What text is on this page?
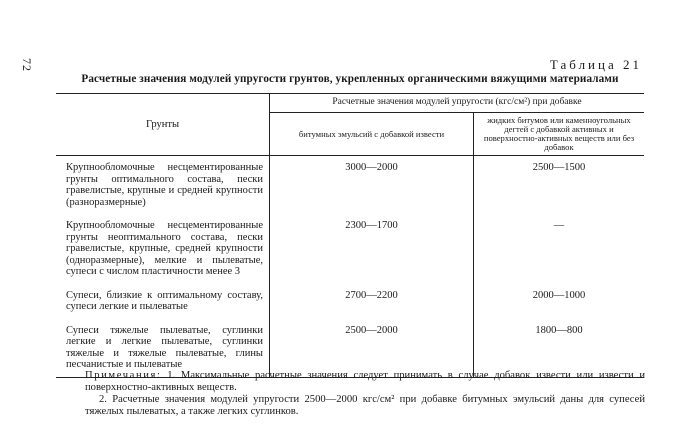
72	Таблица 21
Расчетные значения модулей упругости грунтов, укрепленных органическими вяжущими материалами
Грунты	Расчетные значения модулей упругости (кгс/см²) при добавке	
	битумных эмульсий с добавкой извести	жидких битумов или каменноугольных дегтей с добавкой активных и поверхностно-активных веществ или без добавок

Крупнообломочные несцементированные грунты оптимального состава, пески гравелистые, крупные и средней крупности (разноразмерные)	3000—2000	2500—1500

Крупнообломочные несцементированные грунты неоптимального состава, пески гравелистые, крупные, средней крупности (одноразмерные), мелкие и пылеватые, супеси с числом пластичности менее 3	2300—1700	—

Супеси, близкие к оптимальному составу, супеси легкие и пылеватые	2700—2200	2000—1000

Супеси тяжелые пылеватые, суглинки легкие и легкие пылеватые, суглинки тяжелые и тяжелые пылеватые, глины песчанистые и пылеватые	2500—2000	1800—800

Примечания: 1. Максимальные расчетные значения следует принимать в случае добавок извести или извести и поверхностно-активных веществ.

2. Расчетные значения модулей упругости 2500—2000 кгс/см² при добавке битумных эмульсий даны для супесей тяжелых пылеватых, а также легких суглинков.
